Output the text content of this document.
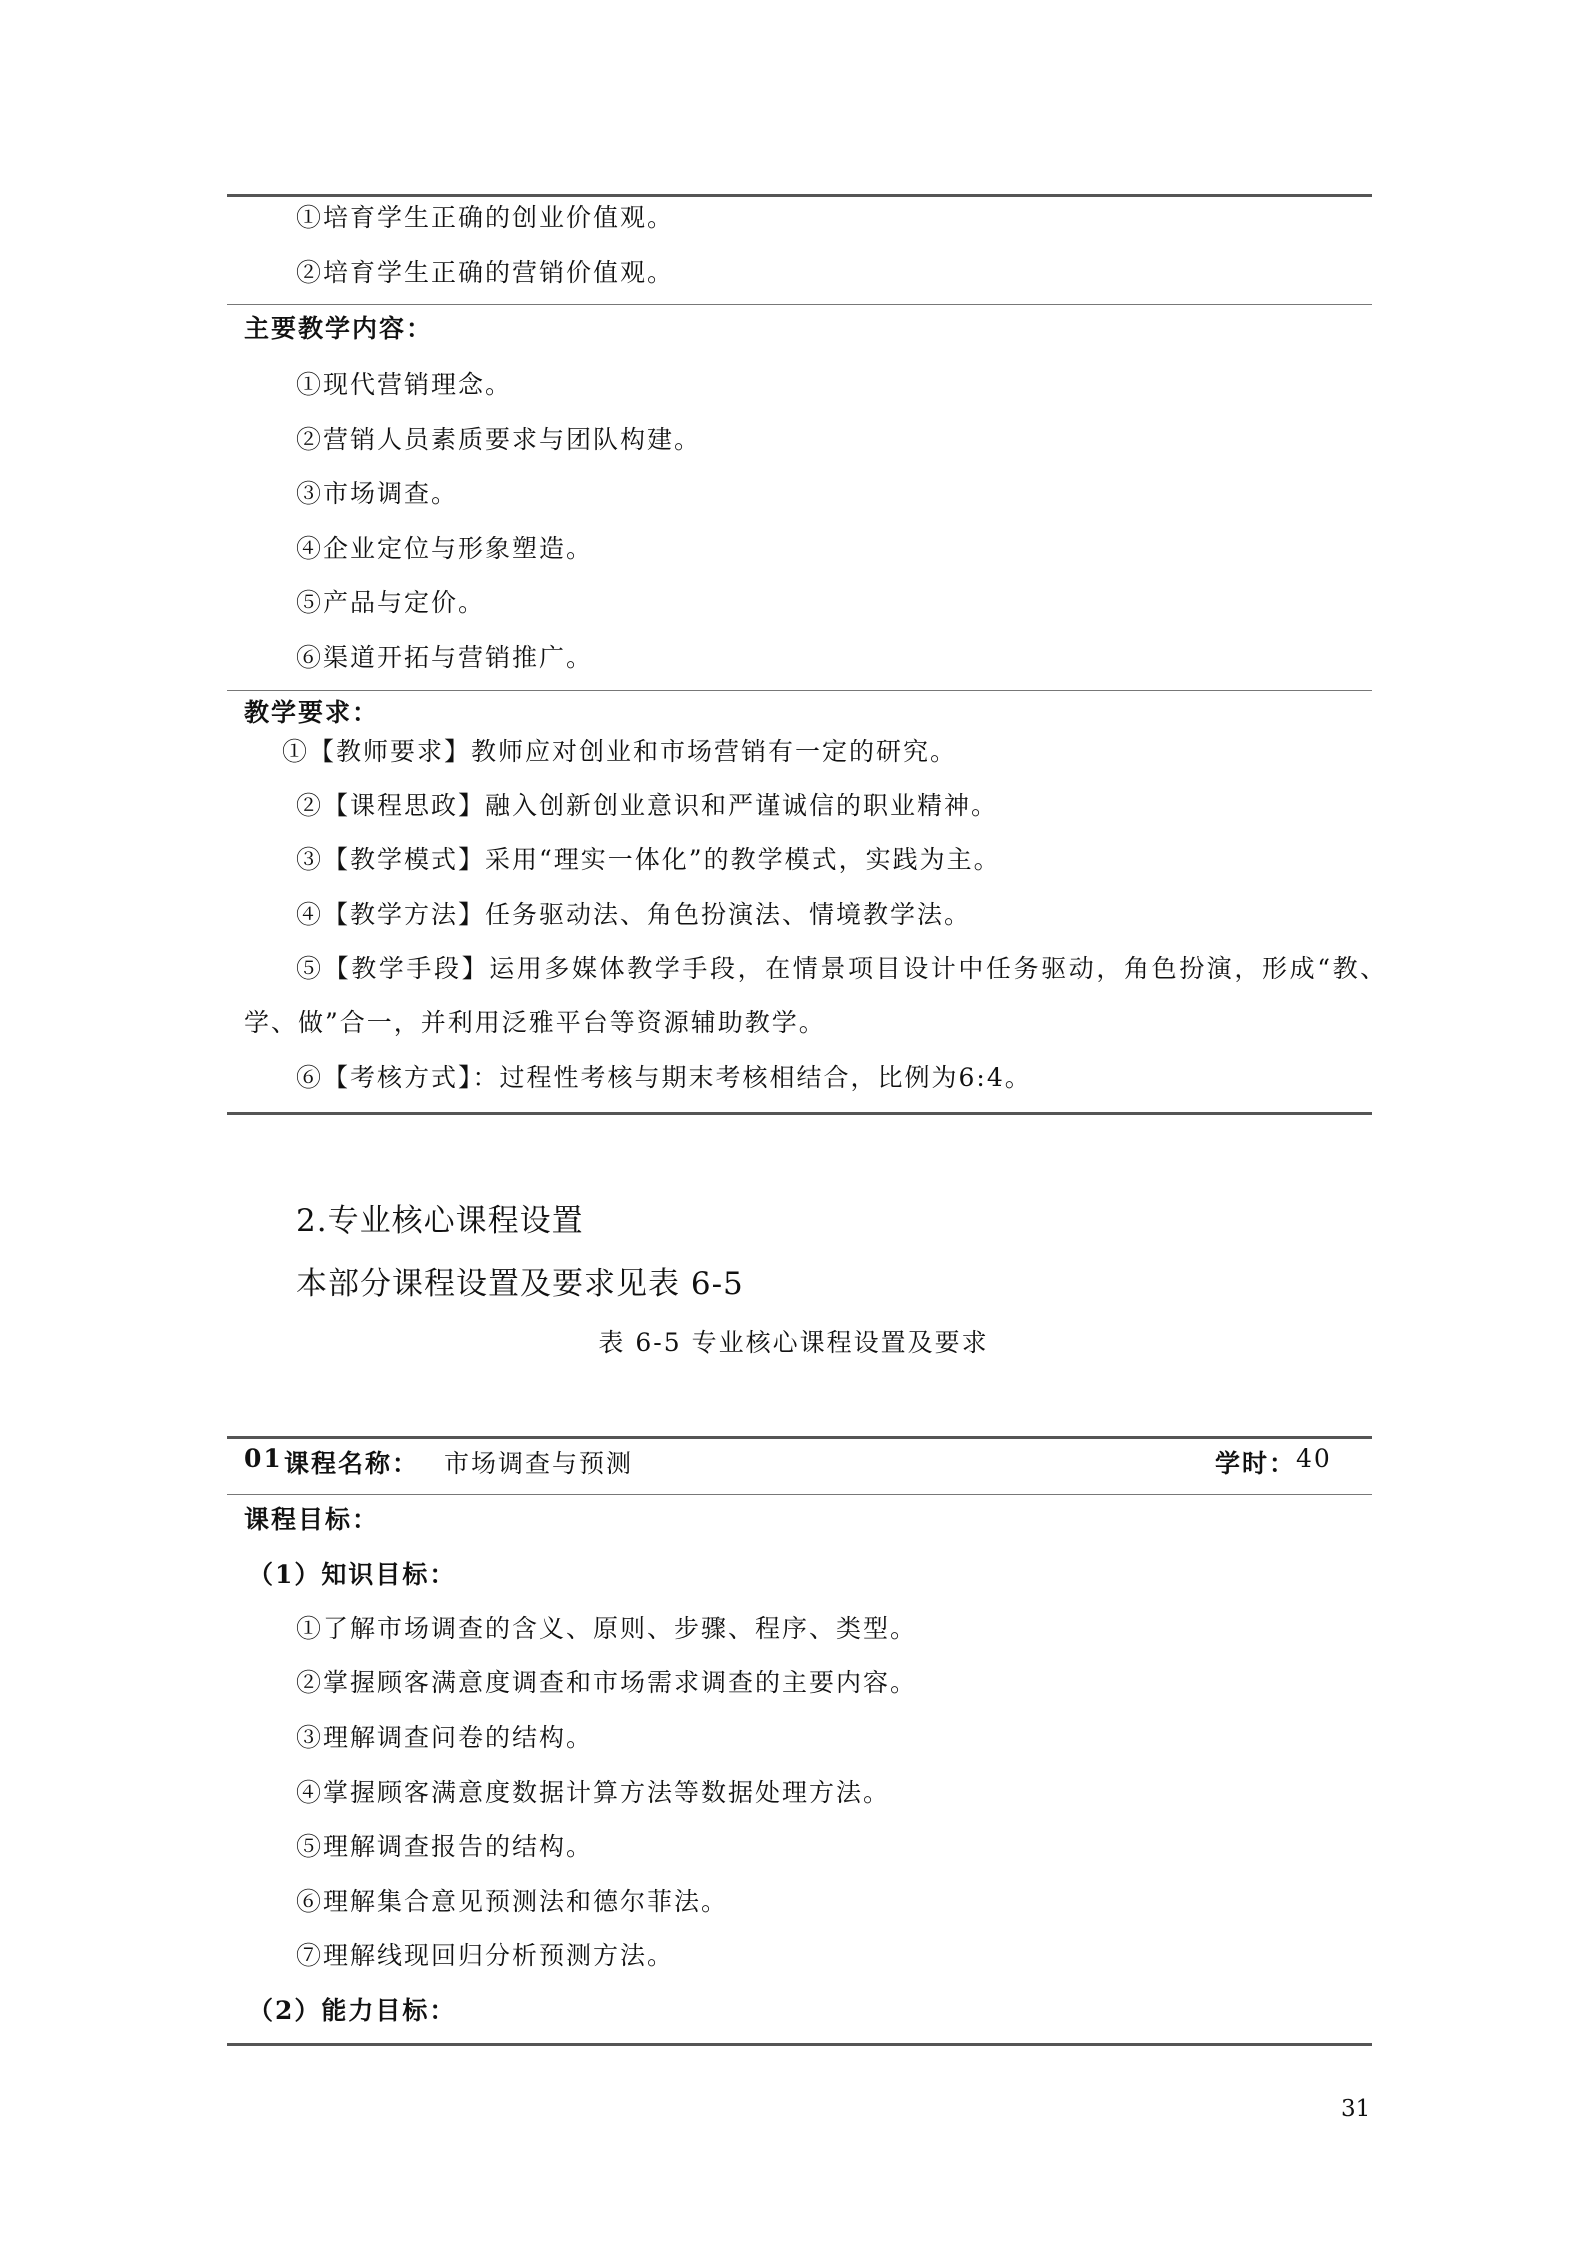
①培育学生正确的创业价值观。
②培育学生正确的营销价值观。
主要教学内容：
①现代营销理念。
②营销人员素质要求与团队构建。
③市场调查。
④企业定位与形象塑造。
⑤产品与定价。
⑥渠道开拓与营销推广。
教学要求：
①【教师要求】教师应对创业和市场营销有一定的研究。
②【课程思政】融入创新创业意识和严谨诚信的职业精神。
③【教学模式】采用“理实一体化”的教学模式，实践为主。
④【教学方法】任务驱动法、角色扮演法、情境教学法。
⑤【教学手段】运用多媒体教学手段，在情景项目设计中任务驱动，角色扮演，形成“教、
学、做”合一，并利用泛雅平台等资源辅助教学。
⑥【考核方式】：过程性考核与期末考核相结合，比例为6:4。
2.专业核心课程设置
本部分课程设置及要求见表 6-5
表 6-5 专业核心课程设置及要求
01 课程名称： 市场调查与预测	学时： 40
课程目标：
（1）知识目标：
①了解市场调查的含义、原则、步骤、程序、类型。
②掌握顾客满意度调查和市场需求调查的主要内容。
③理解调查问卷的结构。
④掌握顾客满意度数据计算方法等数据处理方法。
⑤理解调查报告的结构。
⑥理解集合意见预测法和德尔菲法。
⑦理解线现回归分析预测方法。
（2）能力目标：
31
